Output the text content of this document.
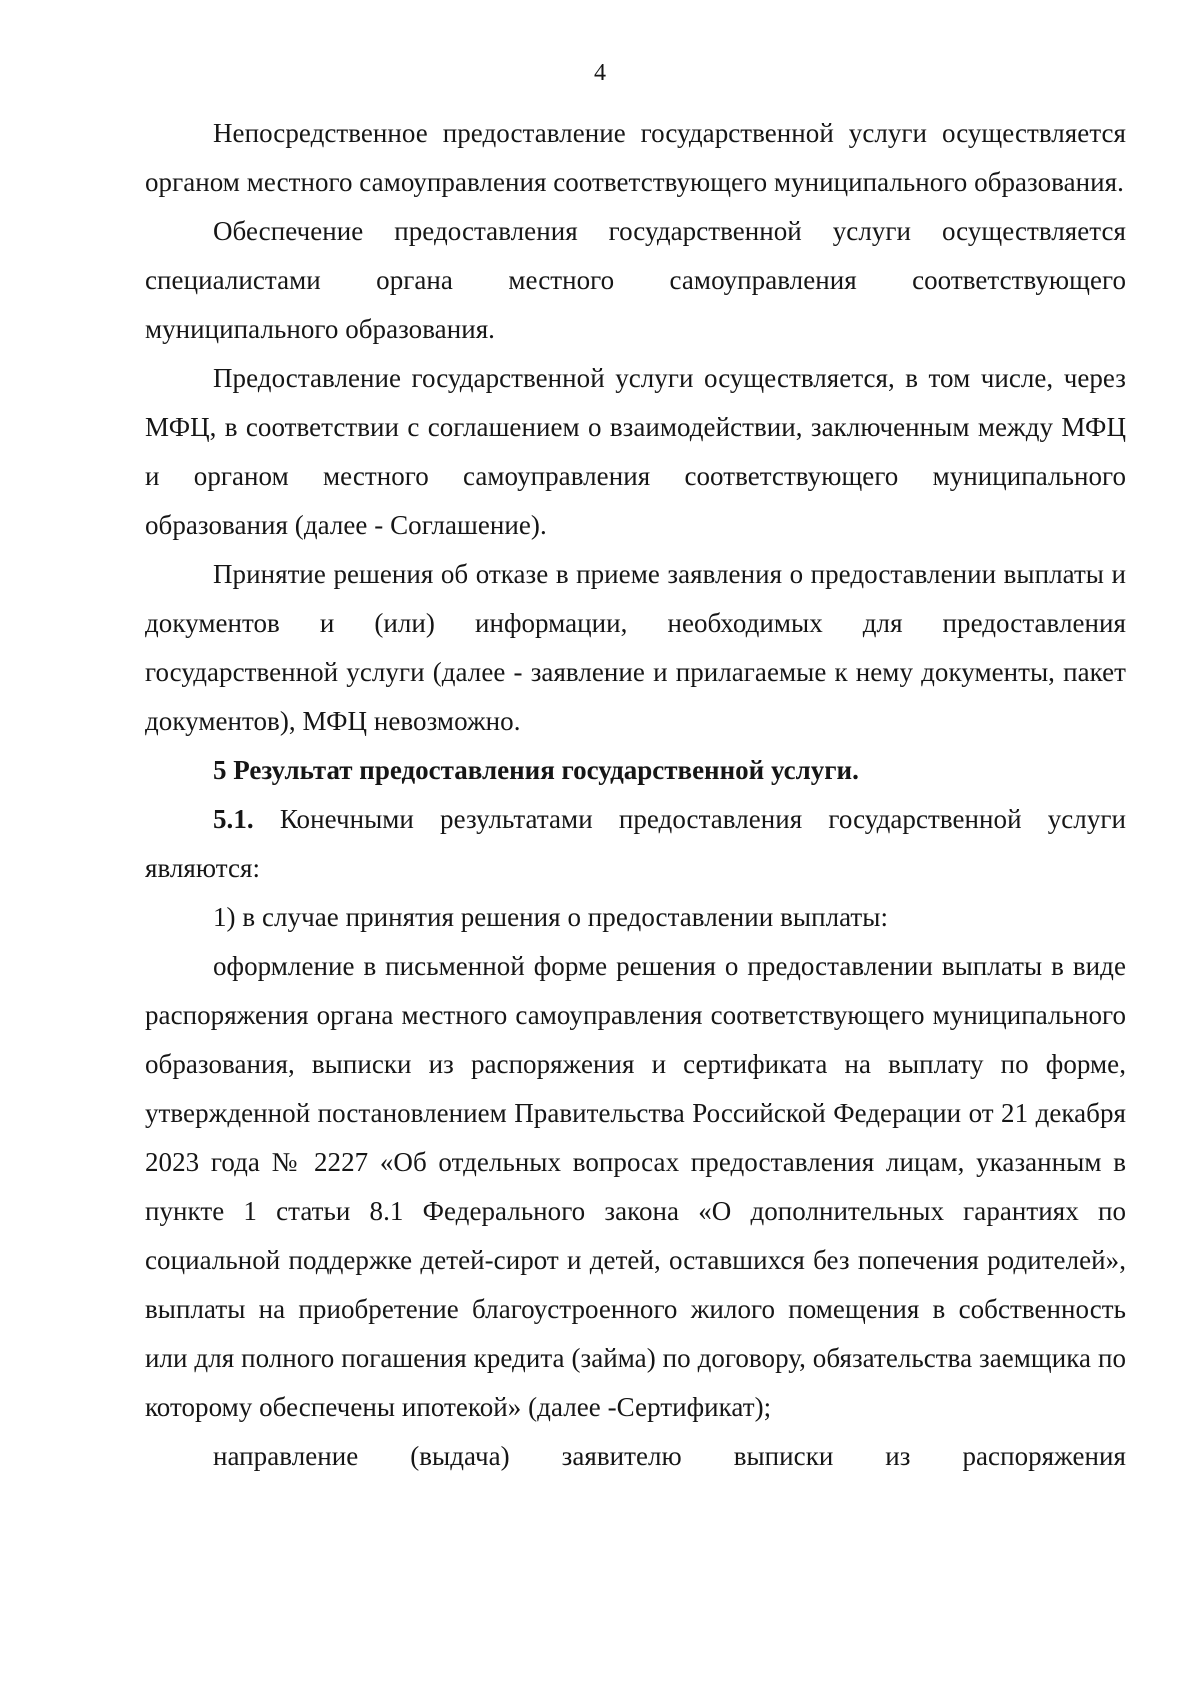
4

Непосредственное предоставление государственной услуги осуществляется органом местного самоуправления соответствующего муниципального образования.

Обеспечение предоставления государственной услуги осуществляется специалистами органа местного самоуправления соответствующего муниципального образования.

Предоставление государственной услуги осуществляется, в том числе, через МФЦ, в соответствии с соглашением о взаимодействии, заключенным между МФЦ и органом местного самоуправления соответствующего муниципального образования (далее - Соглашение).

Принятие решения об отказе в приеме заявления о предоставлении выплаты и документов и (или) информации, необходимых для предоставления государственной услуги (далее - заявление и прилагаемые к нему документы, пакет документов), МФЦ невозможно.

5 Результат предоставления государственной услуги.

5.1. Конечными результатами предоставления государственной услуги являются:

1) в случае принятия решения о предоставлении выплаты:

оформление в письменной форме решения о предоставлении выплаты в виде распоряжения органа местного самоуправления соответствующего муниципального образования, выписки из распоряжения и сертификата на выплату по форме, утвержденной постановлением Правительства Российской Федерации от 21 декабря 2023 года № 2227 «Об отдельных вопросах предоставления лицам, указанным в пункте 1 статьи 8.1 Федерального закона «О дополнительных гарантиях по социальной поддержке детей-сирот и детей, оставшихся без попечения родителей», выплаты на приобретение благоустроенного жилого помещения в собственность или для полного погашения кредита (займа) по договору, обязательства заемщика по которому обеспечены ипотекой» (далее -Сертификат);

направление (выдача) заявителю выписки из распоряжения
